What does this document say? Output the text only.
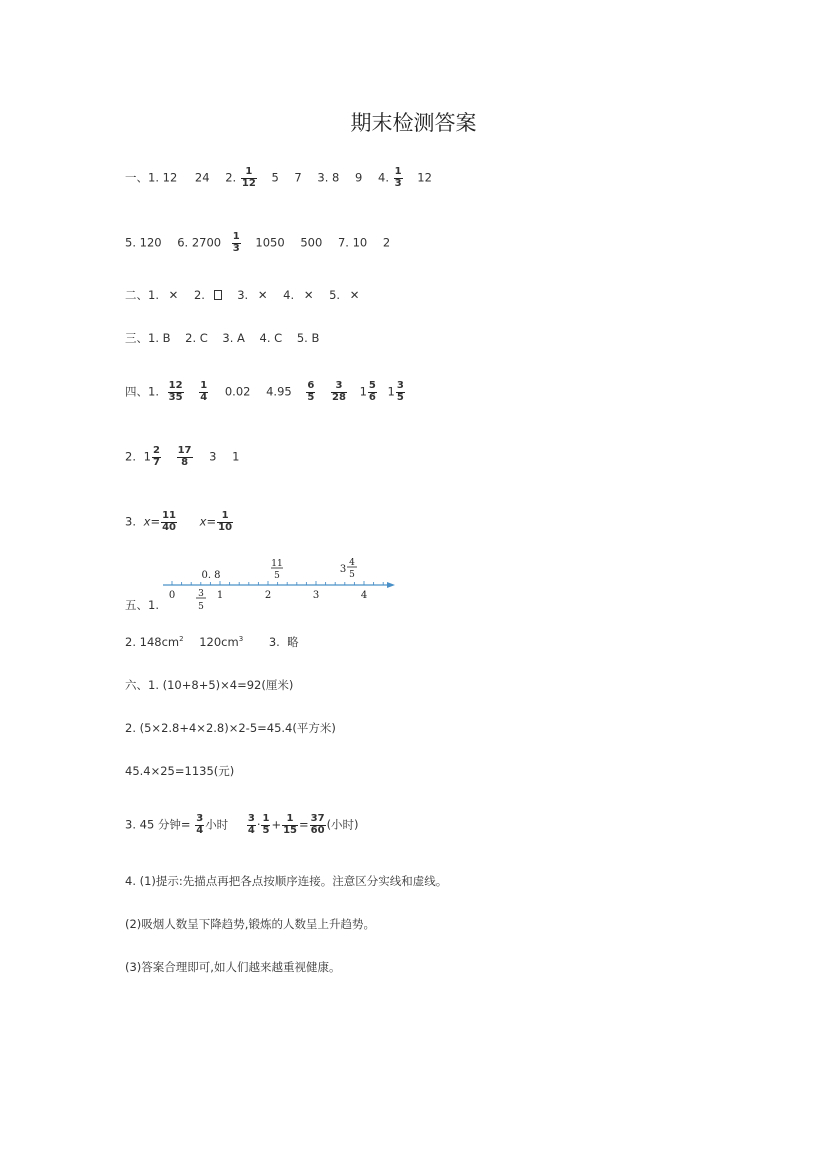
期末检测答案
一、1. 12 24 2. $\frac{1}{12} 5$ 7 3. 8 9 4. $\frac{1}{3} 12$
5. 120 6. $2700 \frac{1}{3} 1050$ 500 7. 10 2
二、1. ✕ 2.	3. ✕ 4. ✕ 5. ✕
三、1. B    2. C    3. A    4. C    5. B
四、1. $\frac{12}{35}$
$\frac{1}{4} 0.02$ $4.95 \frac{6}{5}$
$\frac{3}{28} 1 \frac{5}{6} 1 \frac{3}{5}$
2. $1 \frac{2}{7}$
$\frac{17}{8} 3$ 1
3. $x= \frac{11}{40} x= \frac{1}{10}$
0	1	2	3	4
0. 8
11
5
3
4
5
3
5
五、1.
2. $148cm^2$ $120cm^3$ 3.  略
六、1. (10+8+5)×4=92(厘米)
2. (5×2.8+4×2.8)×2-5=45.4(平方米)
45.4×25=1135(元)
3. 45 分钟= $\frac{3}{4}$ 小时 $\frac{3}{4} \cdot \frac{1}{5} + \frac{1}{15} = \frac{37}{60}$ (小时)
4. (1)提示:先描点再把各点按顺序连接。注意区分实线和虚线。
(2)吸烟人数呈下降趋势,锻炼的人数呈上升趋势。
(3)答案合理即可,如人们越来越重视健康。
